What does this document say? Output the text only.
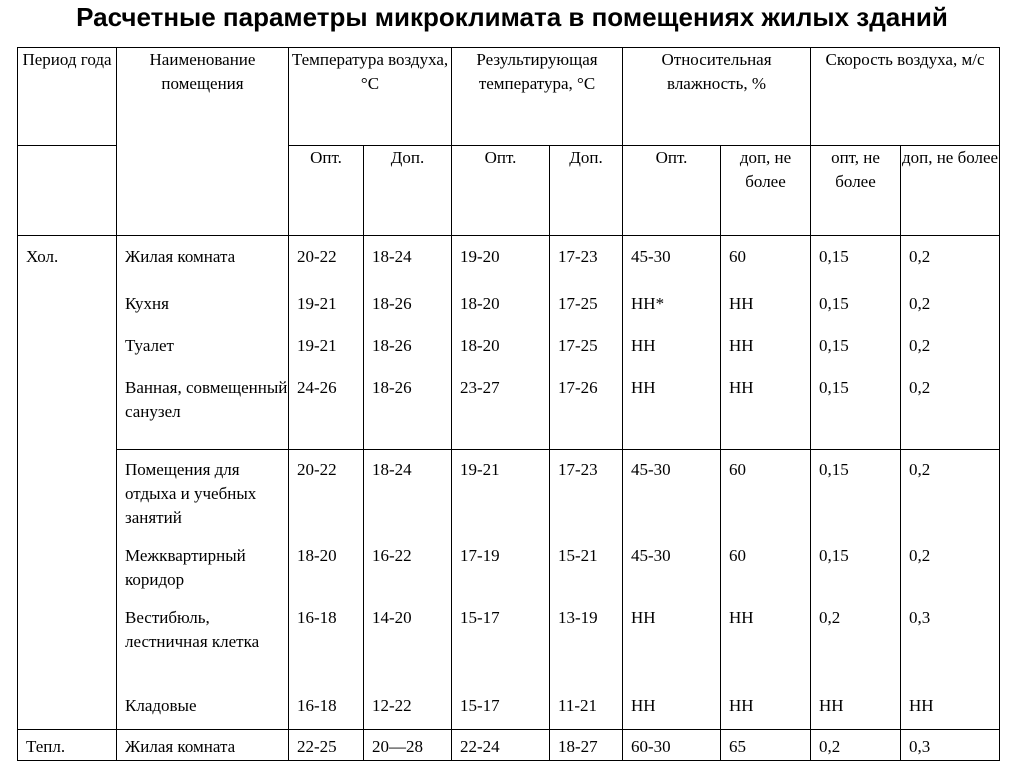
Расчетные параметры микроклимата в помещениях жилых зданий
Период года	Наименование помещения	Температура воздуха, °С		Результирующая температура, °С		Относительная влажность, %		Скорость воздуха, м/с	
		Опт.	Доп.	Опт.	Доп.	Опт.	доп, не более	опт, не более	доп, не более
Хол.	Жилая комната	20-22	18-24	19-20	17-23	45-30	60	0,15	0,2
	Кухня	19-21	18-26	18-20	17-25	НН*	НН	0,15	0,2
	Туалет	19-21	18-26	18-20	17-25	НН	НН	0,15	0,2
	Ванная, совмещенный санузел	24-26	18-26	23-27	17-26	НН	НН	0,15	0,2
	Помещения для отдыха и учебных занятий	20-22	18-24	19-21	17-23	45-30	60	0,15	0,2
	Межквартирный коридор	18-20	16-22	17-19	15-21	45-30	60	0,15	0,2
	Вестибюль, лестничная клетка	16-18	14-20	15-17	13-19	НН	НН	0,2	0,3
	Кладовые	16-18	12-22	15-17	11-21	НН	НН	НН	НН
Тепл.	Жилая комната	22-25	20—28	22-24	18-27	60-30	65	0,2	0,3
